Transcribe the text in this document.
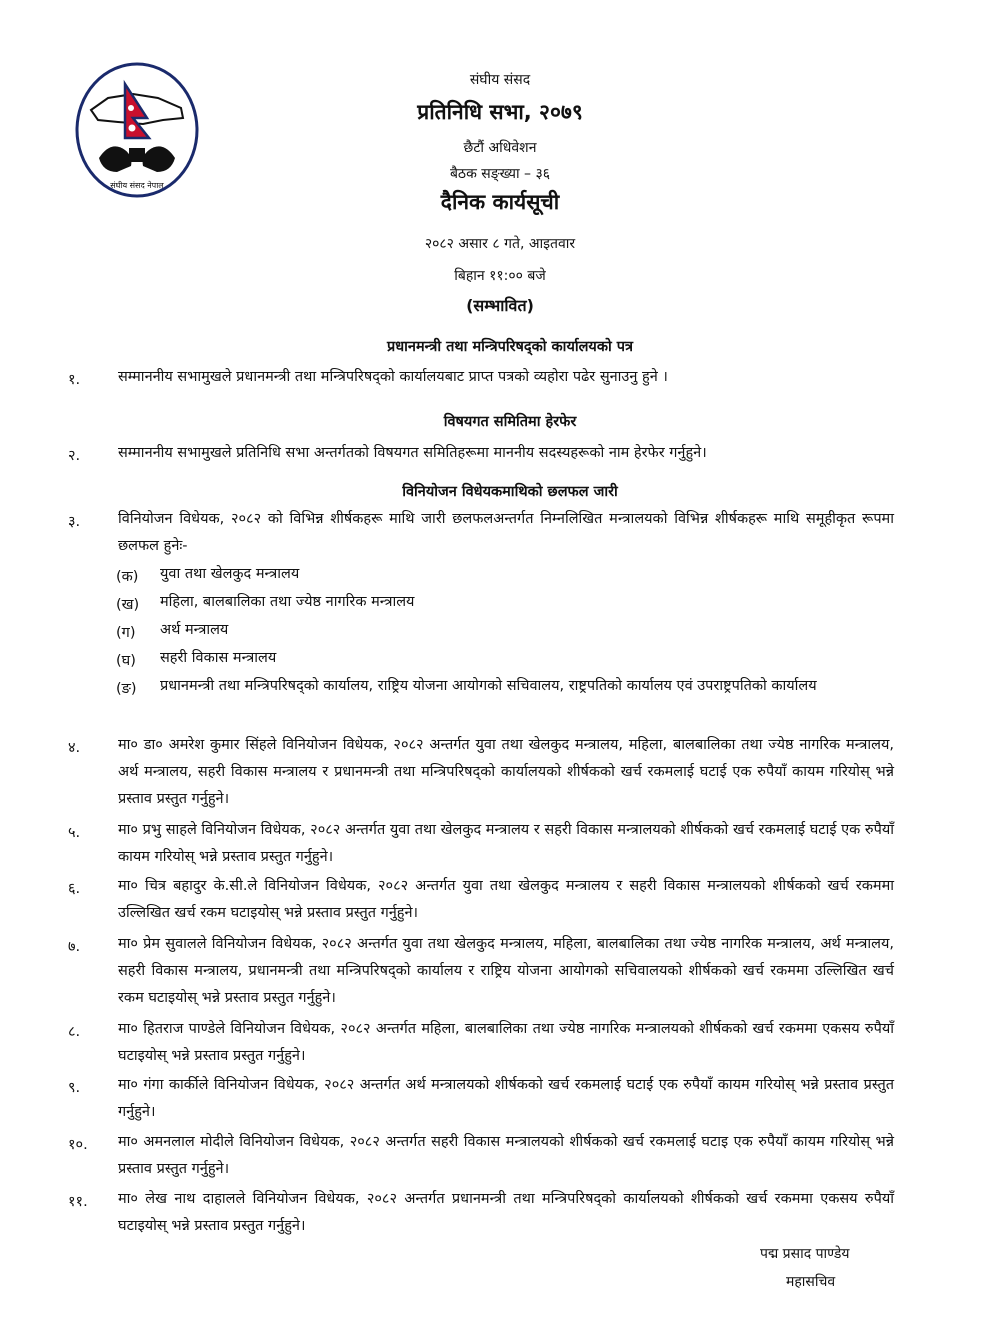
संघीय संसद नेपाल
संघीय संसद
प्रतिनिधि सभा, २०७९
छैटौं अधिवेशन
बैठक सङ्ख्या – ३६
दैनिक कार्यसूची
२०८२ असार ८ गते, आइतवार
बिहान ११:०० बजे
(सम्भावित)
प्रधानमन्त्री तथा मन्त्रिपरिषद्को कार्यालयको पत्र
१.	सम्माननीय सभामुखले प्रधानमन्त्री तथा मन्त्रिपरिषद्को कार्यालयबाट प्राप्त पत्रको व्यहोरा पढेर सुनाउनु हुने ।
विषयगत समितिमा हेरफेर
२.	सम्माननीय सभामुखले प्रतिनिधि सभा अन्तर्गतको विषयगत समितिहरूमा माननीय सदस्यहरूको नाम हेरफेर गर्नुहुने।
विनियोजन विधेयकमाथिको छलफल जारी
३.	विनियोजन विधेयक, २०८२ को विभिन्न शीर्षकहरू माथि जारी छलफलअन्तर्गत निम्नलिखित मन्त्रालयको विभिन्न शीर्षकहरू माथि समूहीकृत रूपमा छलफल हुनेः-
(क) युवा तथा खेलकुद मन्त्रालय
(ख) महिला, बालबालिका तथा ज्येष्ठ नागरिक मन्त्रालय
(ग) अर्थ मन्त्रालय
(घ) सहरी विकास मन्त्रालय
(ङ) प्रधानमन्त्री तथा मन्त्रिपरिषद्को कार्यालय, राष्ट्रिय योजना आयोगको सचिवालय, राष्ट्रपतिको कार्यालय एवं उपराष्ट्रपतिको कार्यालय
४.	मा० डा० अमरेश कुमार सिंहले विनियोजन विधेयक, २०८२ अन्तर्गत युवा तथा खेलकुद मन्त्रालय, महिला, बालबालिका तथा ज्येष्ठ नागरिक मन्त्रालय, अर्थ मन्त्रालय, सहरी विकास मन्त्रालय र प्रधानमन्त्री तथा मन्त्रिपरिषद्को कार्यालयको शीर्षकको खर्च रकमलाई घटाई एक रुपैयाँ कायम गरियोस् भन्ने प्रस्ताव प्रस्तुत गर्नुहुने।
५.	मा० प्रभु साहले विनियोजन विधेयक, २०८२ अन्तर्गत युवा तथा खेलकुद मन्त्रालय र सहरी विकास मन्त्रालयको शीर्षकको खर्च रकमलाई घटाई एक रुपैयाँ कायम गरियोस् भन्ने प्रस्ताव प्रस्तुत गर्नुहुने।
६.	मा० चित्र बहादुर के.सी.ले विनियोजन विधेयक, २०८२ अन्तर्गत युवा तथा खेलकुद मन्त्रालय र सहरी विकास मन्त्रालयको शीर्षकको खर्च रकममा उल्लिखित खर्च रकम घटाइयोस् भन्ने प्रस्ताव प्रस्तुत गर्नुहुने।
७.	मा० प्रेम सुवालले विनियोजन विधेयक, २०८२ अन्तर्गत युवा तथा खेलकुद मन्त्रालय, महिला, बालबालिका तथा ज्येष्ठ नागरिक मन्त्रालय, अर्थ मन्त्रालय, सहरी विकास मन्त्रालय, प्रधानमन्त्री तथा मन्त्रिपरिषद्को कार्यालय र राष्ट्रिय योजना आयोगको सचिवालयको शीर्षकको खर्च रकममा उल्लिखित खर्च रकम घटाइयोस् भन्ने प्रस्ताव प्रस्तुत गर्नुहुने।
८.	मा० हितराज पाण्डेले विनियोजन विधेयक, २०८२ अन्तर्गत महिला, बालबालिका तथा ज्येष्ठ नागरिक मन्त्रालयको शीर्षकको खर्च रकममा एकसय रुपैयाँ घटाइयोस् भन्ने प्रस्ताव प्रस्तुत गर्नुहुने।
९.	मा० गंगा कार्कीले विनियोजन विधेयक, २०८२ अन्तर्गत अर्थ मन्त्रालयको शीर्षकको खर्च रकमलाई घटाई एक रुपैयाँ कायम गरियोस् भन्ने प्रस्ताव प्रस्तुत गर्नुहुने।
१०. मा० अमनलाल मोदीले विनियोजन विधेयक, २०८२ अन्तर्गत सहरी विकास मन्त्रालयको शीर्षकको खर्च रकमलाई घटाइ एक रुपैयाँ कायम गरियोस् भन्ने प्रस्ताव प्रस्तुत गर्नुहुने।
११. मा० लेख नाथ दाहालले विनियोजन विधेयक, २०८२ अन्तर्गत प्रधानमन्त्री तथा मन्त्रिपरिषद्को कार्यालयको शीर्षकको खर्च रकममा एकसय रुपैयाँ घटाइयोस् भन्ने प्रस्ताव प्रस्तुत गर्नुहुने।
पद्म प्रसाद पाण्डेय
महासचिव
